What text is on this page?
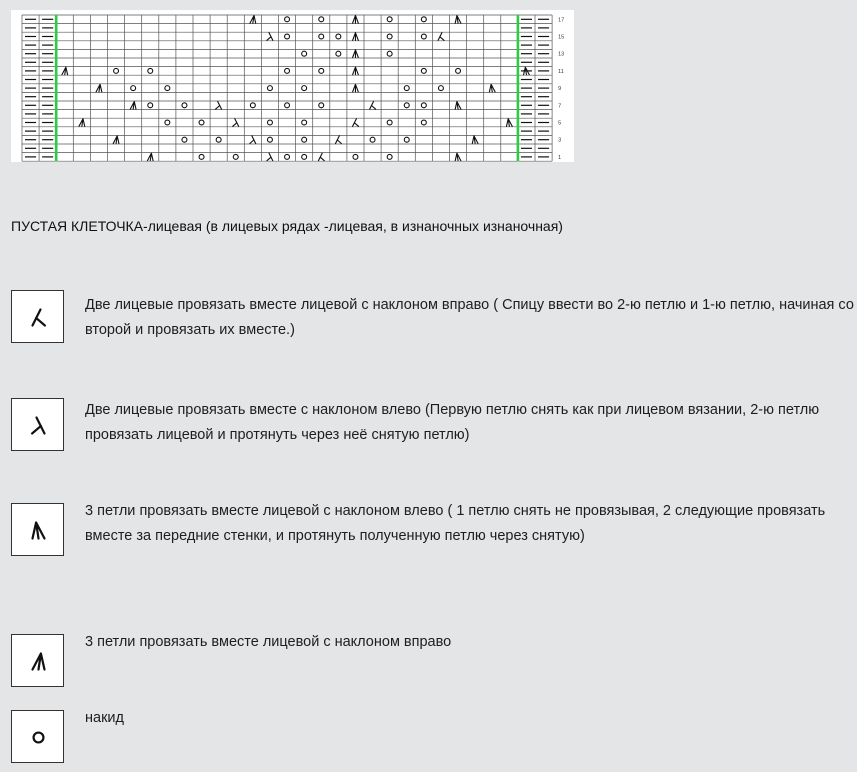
17
15
13
11
9
7
5
3
1
ПУСТАЯ КЛЕТОЧКА-лицевая (в лицевых рядах -лицевая, в изнаночных изнаночная)
Две лицевые провязать вместе лицевой с наклоном вправо ( Спицу ввести во 2-ю петлю и 1-ю петлю, начиная со второй и провязать их вместе.)
Две лицевые провязать вместе с наклоном влево (Первую петлю снять как при лицевом вязании, 2-ю петлю провязать лицевой и протянуть через неё снятую петлю)
3 петли провязать вместе лицевой с наклоном влево ( 1 петлю снять не провязывая, 2 следующие провязать вместе за передние стенки, и протянуть полученную петлю через снятую)
3 петли провязать вместе лицевой с наклоном вправо
накид
